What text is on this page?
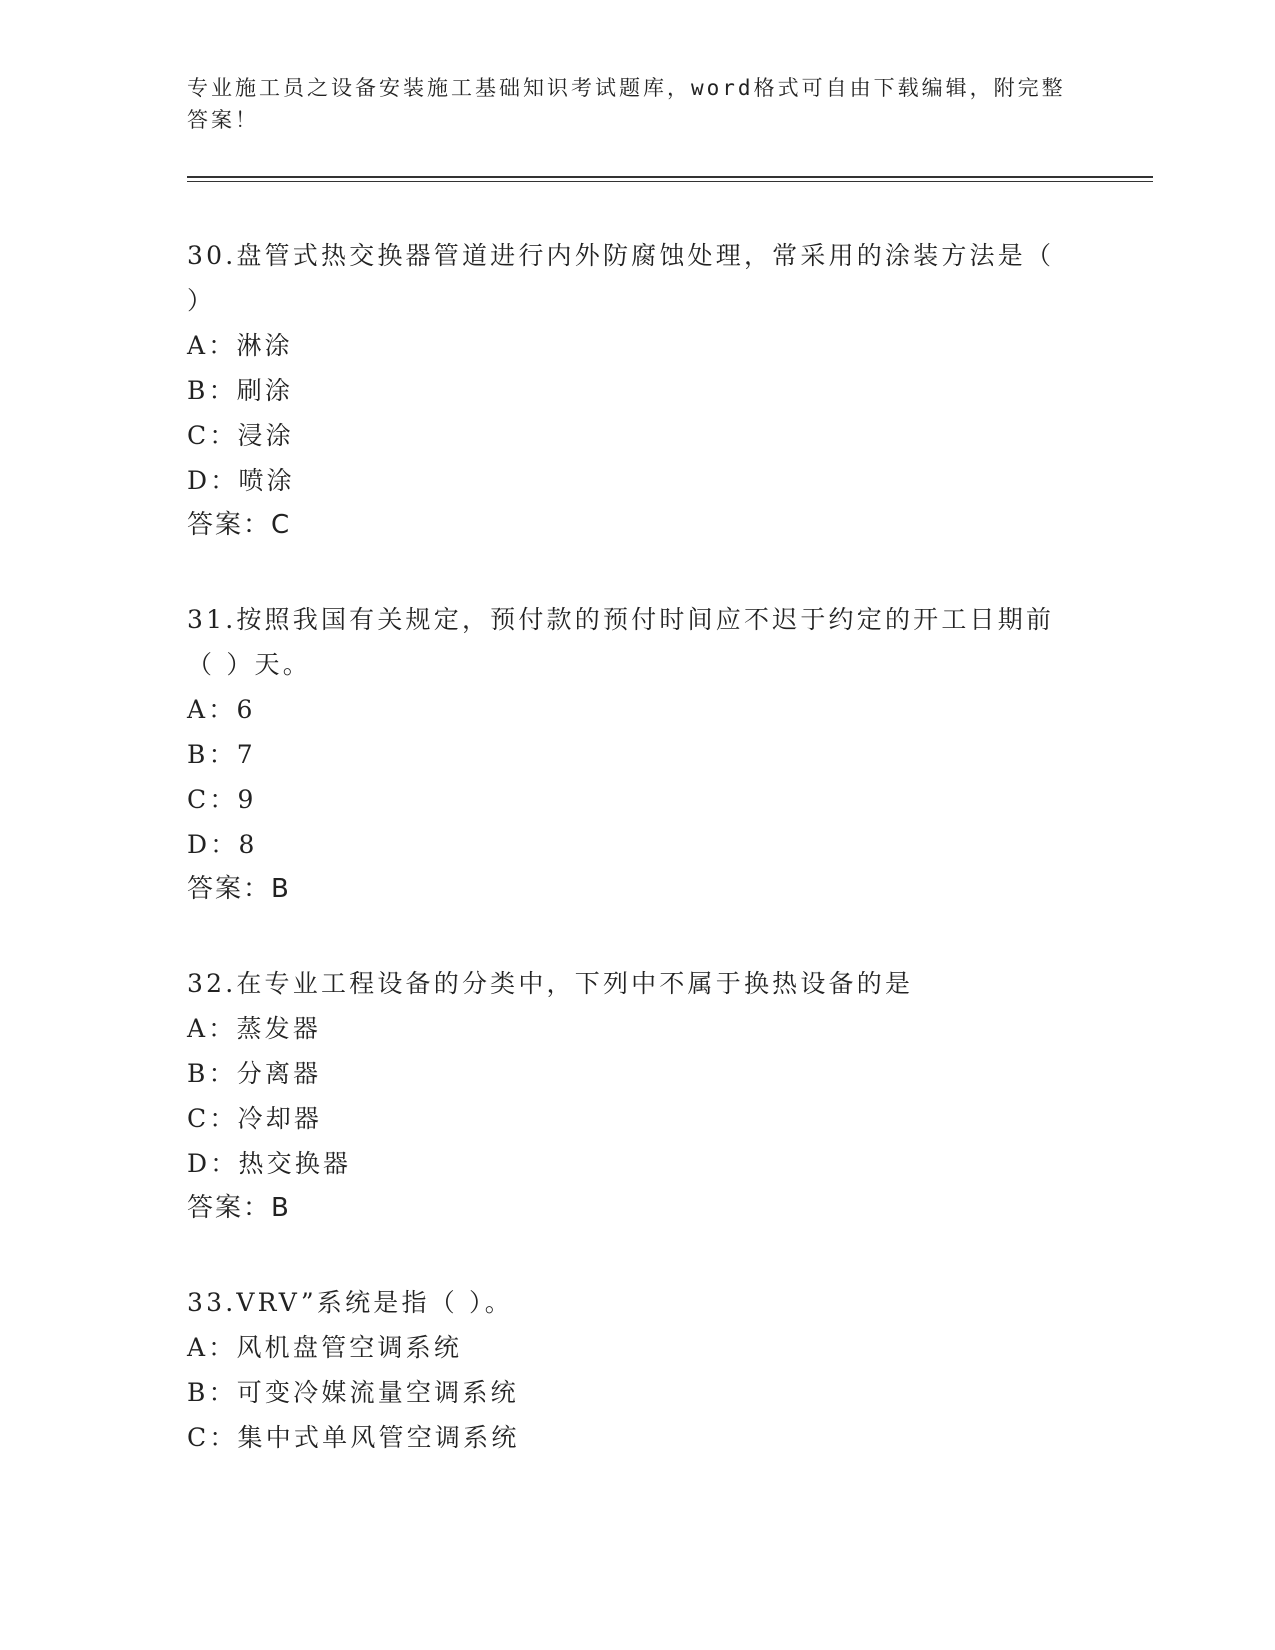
专业施工员之设备安装施工基础知识考试题库，word格式可自由下载编辑，附完整答案！

30.盘管式热交换器管道进行内外防腐蚀处理，常采用的涂装方法是（ ）

A：淋涂

B：刷涂

C：浸涂

D：喷涂

答案：C

31.按照我国有关规定，预付款的预付时间应不迟于约定的开工日期前（ ）天。

A：6

B：7

C：9

D：8

答案：B

32.在专业工程设备的分类中，下列中不属于换热设备的是

A：蒸发器

B：分离器

C：冷却器

D：热交换器

答案：B

33.VRV”系统是指（ ）。

A：风机盘管空调系统

B：可变冷媒流量空调系统

C：集中式单风管空调系统
